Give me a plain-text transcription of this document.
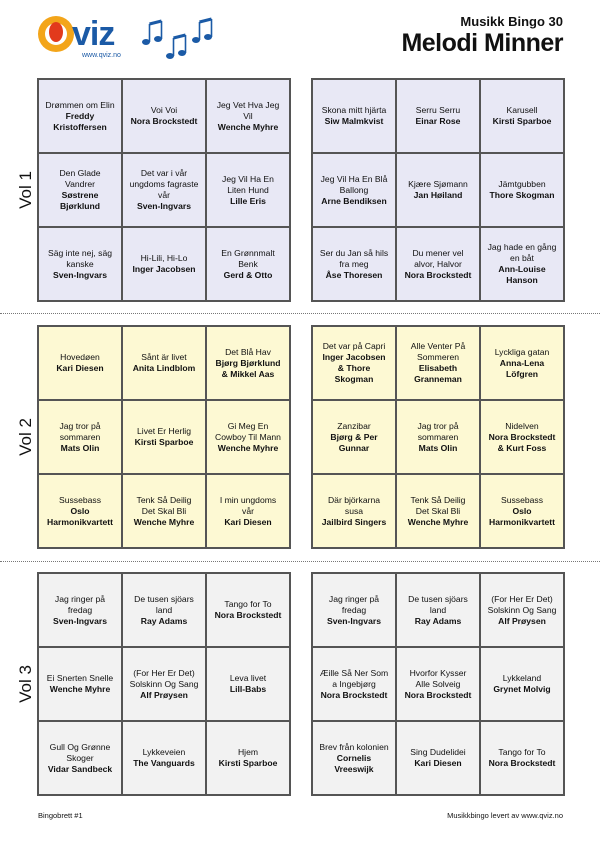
viz
www.qviz.no
Musikk Bingo 30
Melodi Minner
Vol 1
Vol 2
Vol 3
Drømmen om Elin
Freddy Kristoffersen
Voi Voi
Nora Brockstedt
Jeg Vet Hva Jeg Vil
Wenche Myhre
Den Glade Vandrer
Søstrene Bjørklund
Det var i vår ungdoms fagraste vår
Sven-Ingvars
Jeg Vil Ha En Liten Hund
Lille Eris
Säg inte nej, säg kanske
Sven-Ingvars
Hi-Lili, Hi-Lo
Inger Jacobsen
En Grønnmalt Benk
Gerd & Otto
Skona mitt hjärta
Siw Malmkvist
Serru Serru
Einar Rose
Karusell
Kirsti Sparboe
Jeg Vil Ha En Blå Ballong
Arne Bendiksen
Kjære Sjømann
Jan Høiland
Jämtgubben
Thore Skogman
Ser du Jan så hils fra meg
Åse Thoresen
Du mener vel alvor, Halvor
Nora Brockstedt
Jag hade en gång en båt
Ann-Louise Hanson
Hovedøen
Kari Diesen
Sånt är livet
Anita Lindblom
Det Blå Hav
Bjørg Bjørklund & Mikkel Aas
Jag tror på sommaren
Mats Olin
Livet Er Herlig
Kirsti Sparboe
Gi Meg En Cowboy Til Mann
Wenche Myhre
Sussebass
Oslo Harmonikvartett
Tenk Så Deilig Det Skal Bli
Wenche Myhre
I min ungdoms vår
Kari Diesen
Det var på Capri
Inger Jacobsen & Thore Skogman
Alle Venter På Sommeren
Elisabeth Granneman
Lyckliga gatan
Anna-Lena Löfgren
Zanzibar
Bjørg & Per Gunnar
Jag tror på sommaren
Mats Olin
Nidelven
Nora Brockstedt & Kurt Foss
Där björkarna susa
Jailbird Singers
Tenk Så Deilig Det Skal Bli
Wenche Myhre
Sussebass
Oslo Harmonikvartett
Jag ringer på fredag
Sven-Ingvars
De tusen sjöars land
Ray Adams
Tango for To
Nora Brockstedt
Ei Snerten Snelle
Wenche Myhre
(For Her Er Det) Solskinn Og Sang
Alf Prøysen
Leva livet
Lill-Babs
Gull Og Grønne Skoger
Vidar Sandbeck
Lykkeveien
The Vanguards
Hjem
Kirsti Sparboe
Jag ringer på fredag
Sven-Ingvars
De tusen sjöars land
Ray Adams
(For Her Er Det) Solskinn Og Sang
Alf Prøysen
Æille Så Ner Som a Ingebjørg
Nora Brockstedt
Hvorfor Kysser Alle Solveig
Nora Brockstedt
Lykkeland
Grynet Molvig
Brev från kolonien
Cornelis Vreeswijk
Sing Dudelidei
Kari Diesen
Tango for To
Nora Brockstedt
Bingobrett #1	Musikkbingo levert av www.qviz.no
